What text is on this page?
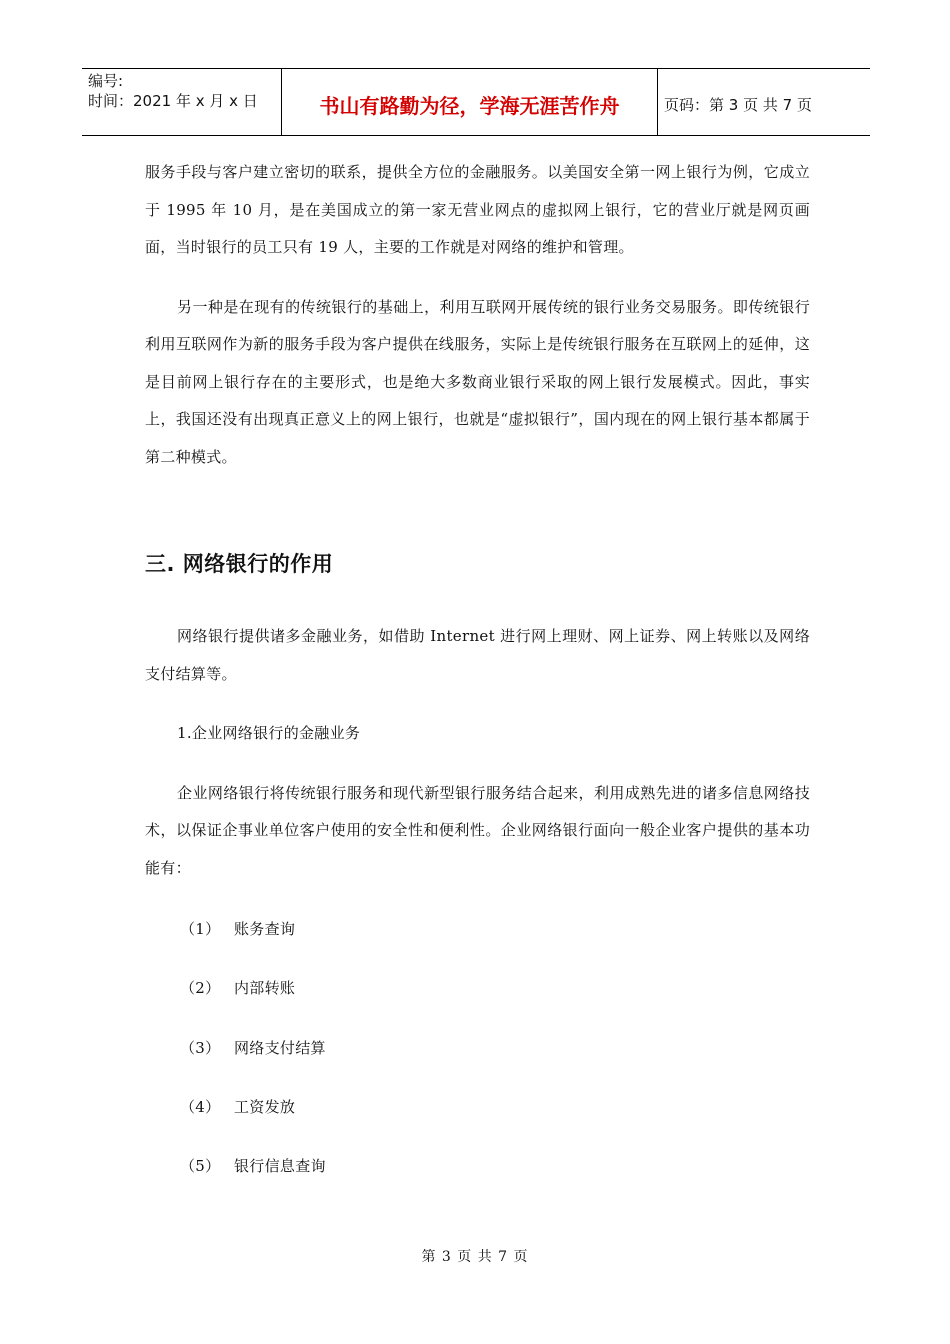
编号:
时间：2021 年 x 月 x 日	书山有路勤为径，学海无涯苦作舟	页码：第 3 页 共 7 页

服务手段与客户建立密切的联系，提供全方位的金融服务。以美国安全第一网上银行为例，它成立于 1995 年 10 月，是在美国成立的第一家无营业网点的虚拟网上银行，它的营业厅就是网页画面，当时银行的员工只有 19 人，主要的工作就是对网络的维护和管理。

另一种是在现有的传统银行的基础上，利用互联网开展传统的银行业务交易服务。即传统银行利用互联网作为新的服务手段为客户提供在线服务，实际上是传统银行服务在互联网上的延伸，这是目前网上银行存在的主要形式，也是绝大多数商业银行采取的网上银行发展模式。因此，事实上，我国还没有出现真正意义上的网上银行，也就是“虚拟银行”，国内现在的网上银行基本都属于第二种模式。

三. 网络银行的作用

网络银行提供诸多金融业务，如借助 Internet 进行网上理财、网上证券、网上转账以及网络支付结算等。

1.企业网络银行的金融业务

企业网络银行将传统银行服务和现代新型银行服务结合起来，利用成熟先进的诸多信息网络技术，以保证企事业单位客户使用的安全性和便利性。企业网络银行面向一般企业客户提供的基本功能有：

（1） 账务查询
（2） 内部转账
（3） 网络支付结算
（4） 工资发放
（5） 银行信息查询
第 3 页 共 7 页
